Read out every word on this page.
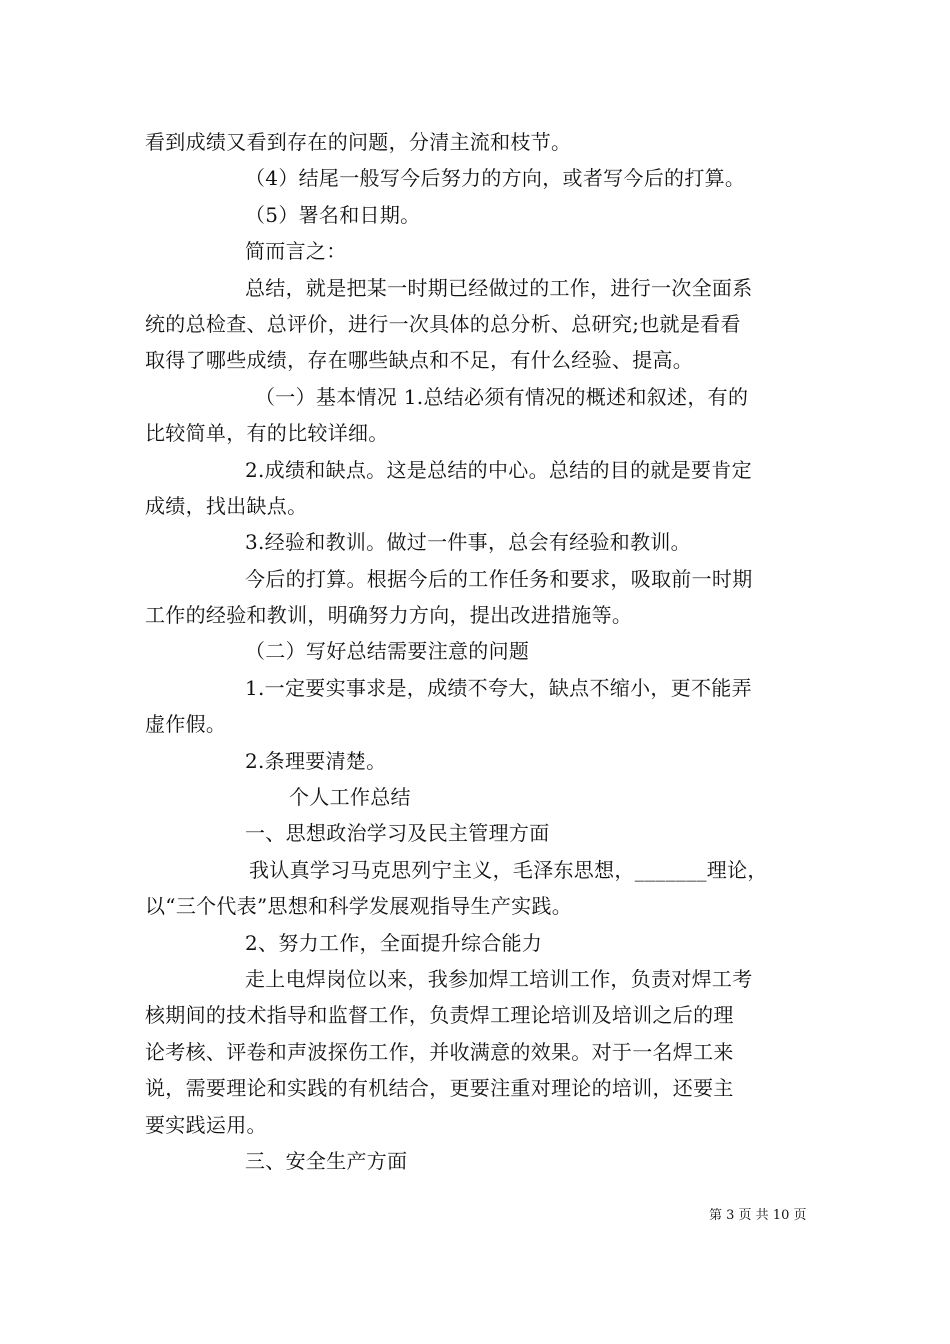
看到成绩又看到存在的问题，分清主流和枝节。
（4）结尾一般写今后努力的方向，或者写今后的打算。
（5）署名和日期。
简而言之：
总结，就是把某一时期已经做过的工作，进行一次全面系
统的总检查、总评价，进行一次具体的总分析、总研究;也就是看看
取得了哪些成绩，存在哪些缺点和不足，有什么经验、提高。
（一）基本情况 1.总结必须有情况的概述和叙述，有的
比较简单，有的比较详细。
2.成绩和缺点。这是总结的中心。总结的目的就是要肯定
成绩，找出缺点。
3.经验和教训。做过一件事，总会有经验和教训。
今后的打算。根据今后的工作任务和要求，吸取前一时期
工作的经验和教训，明确努力方向，提出改进措施等。
（二）写好总结需要注意的问题
1.一定要实事求是，成绩不夸大，缺点不缩小，更不能弄
虚作假。
2.条理要清楚。
个人工作总结
一、思想政治学习及民主管理方面
我认真学习马克思列宁主义，毛泽东思想，_______理论，
以“三个代表”思想和科学发展观指导生产实践。
2、努力工作，全面提升综合能力
走上电焊岗位以来，我参加焊工培训工作，负责对焊工考
核期间的技术指导和监督工作，负责焊工理论培训及培训之后的理
论考核、评卷和声波探伤工作，并收满意的效果。对于一名焊工来
说，需要理论和实践的有机结合，更要注重对理论的培训，还要主
要实践运用。
三、安全生产方面
第 3 页 共 10 页
